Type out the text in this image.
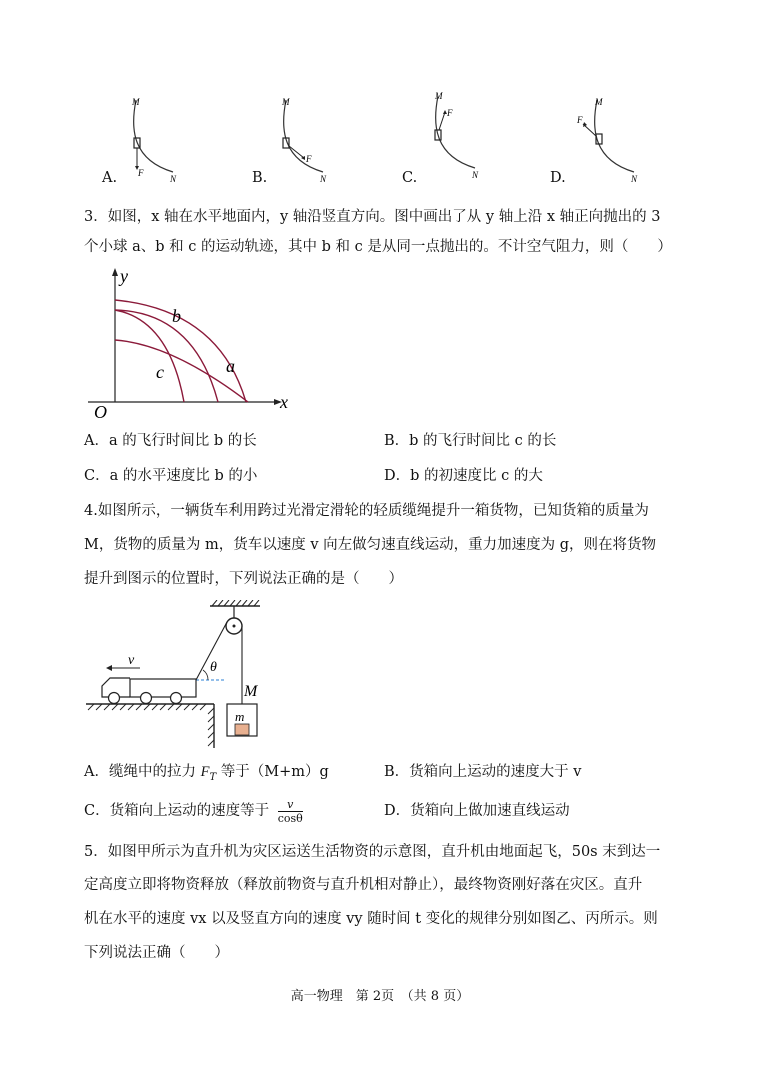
M
F
N
A.
M
F
N
B.
M
F
N
C.
M
F
N
D.
3．如图，x 轴在水平地面内，y 轴沿竖直方向。图中画出了从 y 轴上沿 x 轴正向抛出的 3
个小球 a、b 和 c 的运动轨迹，其中 b 和 c 是从同一点抛出的。不计空气阻力，则（　　）
y
x
O
b
a
c
A．a 的飞行时间比 b 的长	B．b 的飞行时间比 c 的长
C．a 的水平速度比 b 的小	D．b 的初速度比 c 的大
4.如图所示，一辆货车利用跨过光滑定滑轮的轻质缆绳提升一箱货物，已知货箱的质量为
M，货物的质量为 m，货车以速度 v 向左做匀速直线运动，重力加速度为 g，则在将货物
提升到图示的位置时，下列说法正确的是（　　）
θ
v
M
m
A．缆绳中的拉力 $F_T$ 等于（M+m）g	B．货箱向上运动的速度大于 v
C．货箱向上运动的速度等于 $\frac{v}{\cos\theta}$	D．货箱向上做加速直线运动
5．如图甲所示为直升机为灾区运送生活物资的示意图，直升机由地面起飞，50s 末到达一
定高度立即将物资释放（释放前物资与直升机相对静止），最终物资刚好落在灾区。直升
机在水平的速度 vx 以及竖直方向的速度 vy 随时间 t 变化的规律分别如图乙、丙所示。则
下列说法正确（　　）
高一物理　第 2页　（共 8 页）
